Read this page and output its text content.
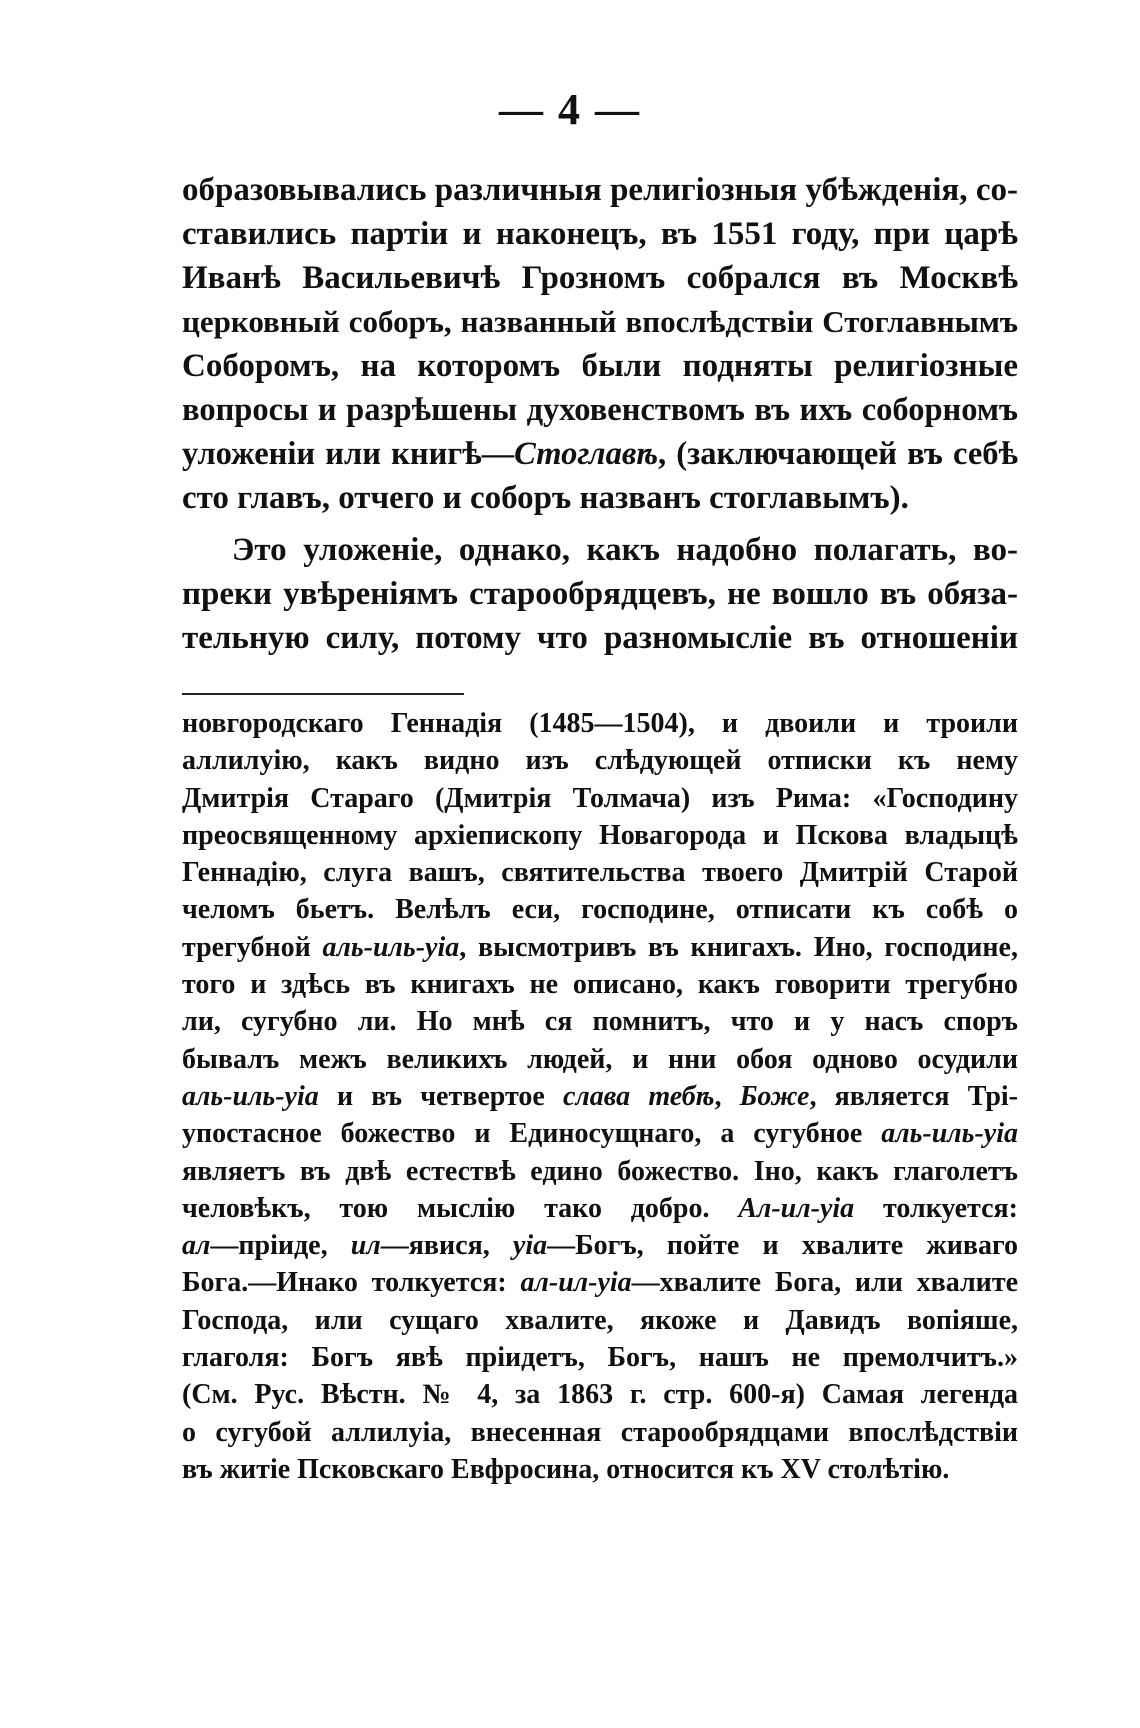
— 4 —
образовывались различныя религіозныя убѣжденія, со-
ставились партіи и наконецъ, въ 1551 году, при царѣ
Иванѣ Васильевичѣ Грозномъ собрался въ Москвѣ
церковный соборъ, названный впослѣдствіи Стоглавнымъ
Соборомъ, на которомъ были подняты религіозные
вопросы и разрѣшены духовенствомъ въ ихъ соборномъ
уложеніи или книгѣ—Стоглавѣ, (заключающей въ себѣ
сто главъ, отчего и соборъ названъ стоглавымъ).
Это уложеніе, однако, какъ надобно полагать, во-
преки увѣреніямъ старообрядцевъ, не вошло въ обяза-
тельную силу, потому что разномысліе въ отношеніи
новгородскаго Геннадія (1485—1504), и двоили и троили
аллилуію, какъ видно изъ слѣдующей отписки къ нему
Дмитрія Стараго (Дмитрія Толмача) изъ Рима: «Господину
преосвященному архіепископу Новагорода и Пскова владыцѣ
Геннадію, слуга вашъ, святительства твоего Дмитрій Старой
челомъ бьетъ. Велѣлъ еси, господине, отписати къ собѣ о
трегубной аль-иль-уіа, высмотривъ въ книгахъ. Ино, господине,
того и здѣсь въ книгахъ не описано, какъ говорити трегубно
ли, сугубно ли. Но мнѣ ся помнитъ, что и у насъ споръ
бывалъ межъ великихъ людей, и нни обоя одново осудили
аль-иль-уіа и въ четвертое слава тебѣ, Боже, является Трі-
упостасное божество и Единосущнаго, а сугубное аль-иль-уіа
являетъ въ двѣ естествѣ едино божество. Іно, какъ глаголетъ
человѣкъ, тою мыслію тако добро. Ал-ил-уіа толкуется:
ал—пріиде, ил—явися, уіа—Богъ, пойте и хвалите живаго
Бога.—Инако толкуется: ал-ил-уіа—хвалите Бога, или хвалите
Господа, или сущаго хвалите, якоже и Давидъ вопіяше,
глаголя: Богъ явѣ пріидетъ, Богъ, нашъ не премолчитъ.»
(См. Рус. Вѣстн. № 4, за 1863 г. стр. 600-я) Самая легенда
о сугубой аллилуіа, внесенная старообрядцами впослѣдствіи
въ житіе Псковскаго Евфросина, относится къ XV столѣтію.
